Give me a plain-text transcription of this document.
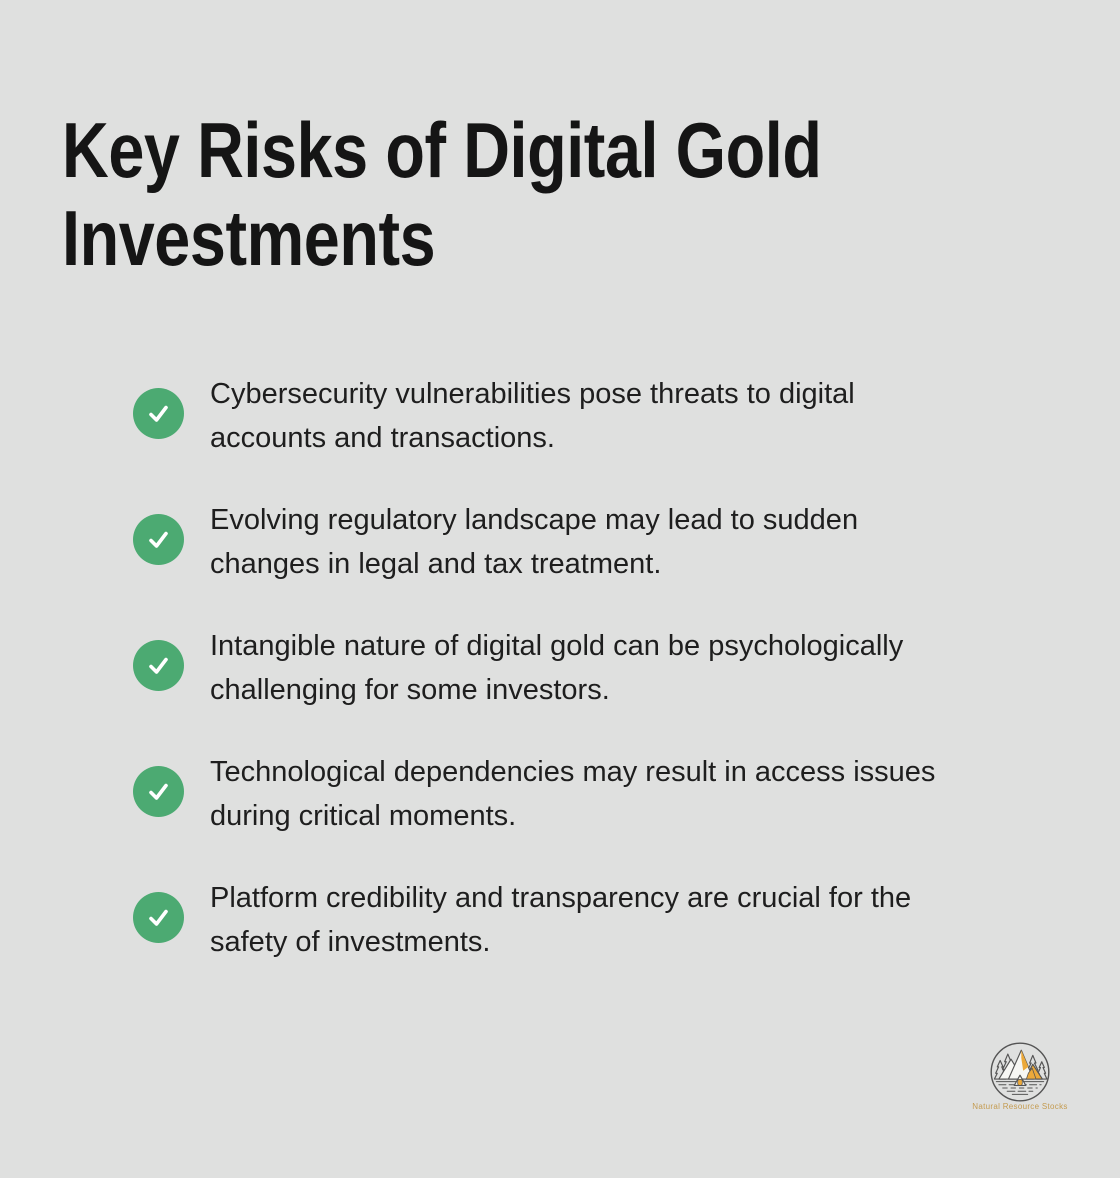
Key Risks of Digital Gold Investments
Cybersecurity vulnerabilities pose threats to digital
accounts and transactions.
Evolving regulatory landscape may lead to sudden
changes in legal and tax treatment.
Intangible nature of digital gold can be psychologically
challenging for some investors.
Technological dependencies may result in access issues
during critical moments.
Platform credibility and transparency are crucial for the
safety of investments.
Natural Resource Stocks
